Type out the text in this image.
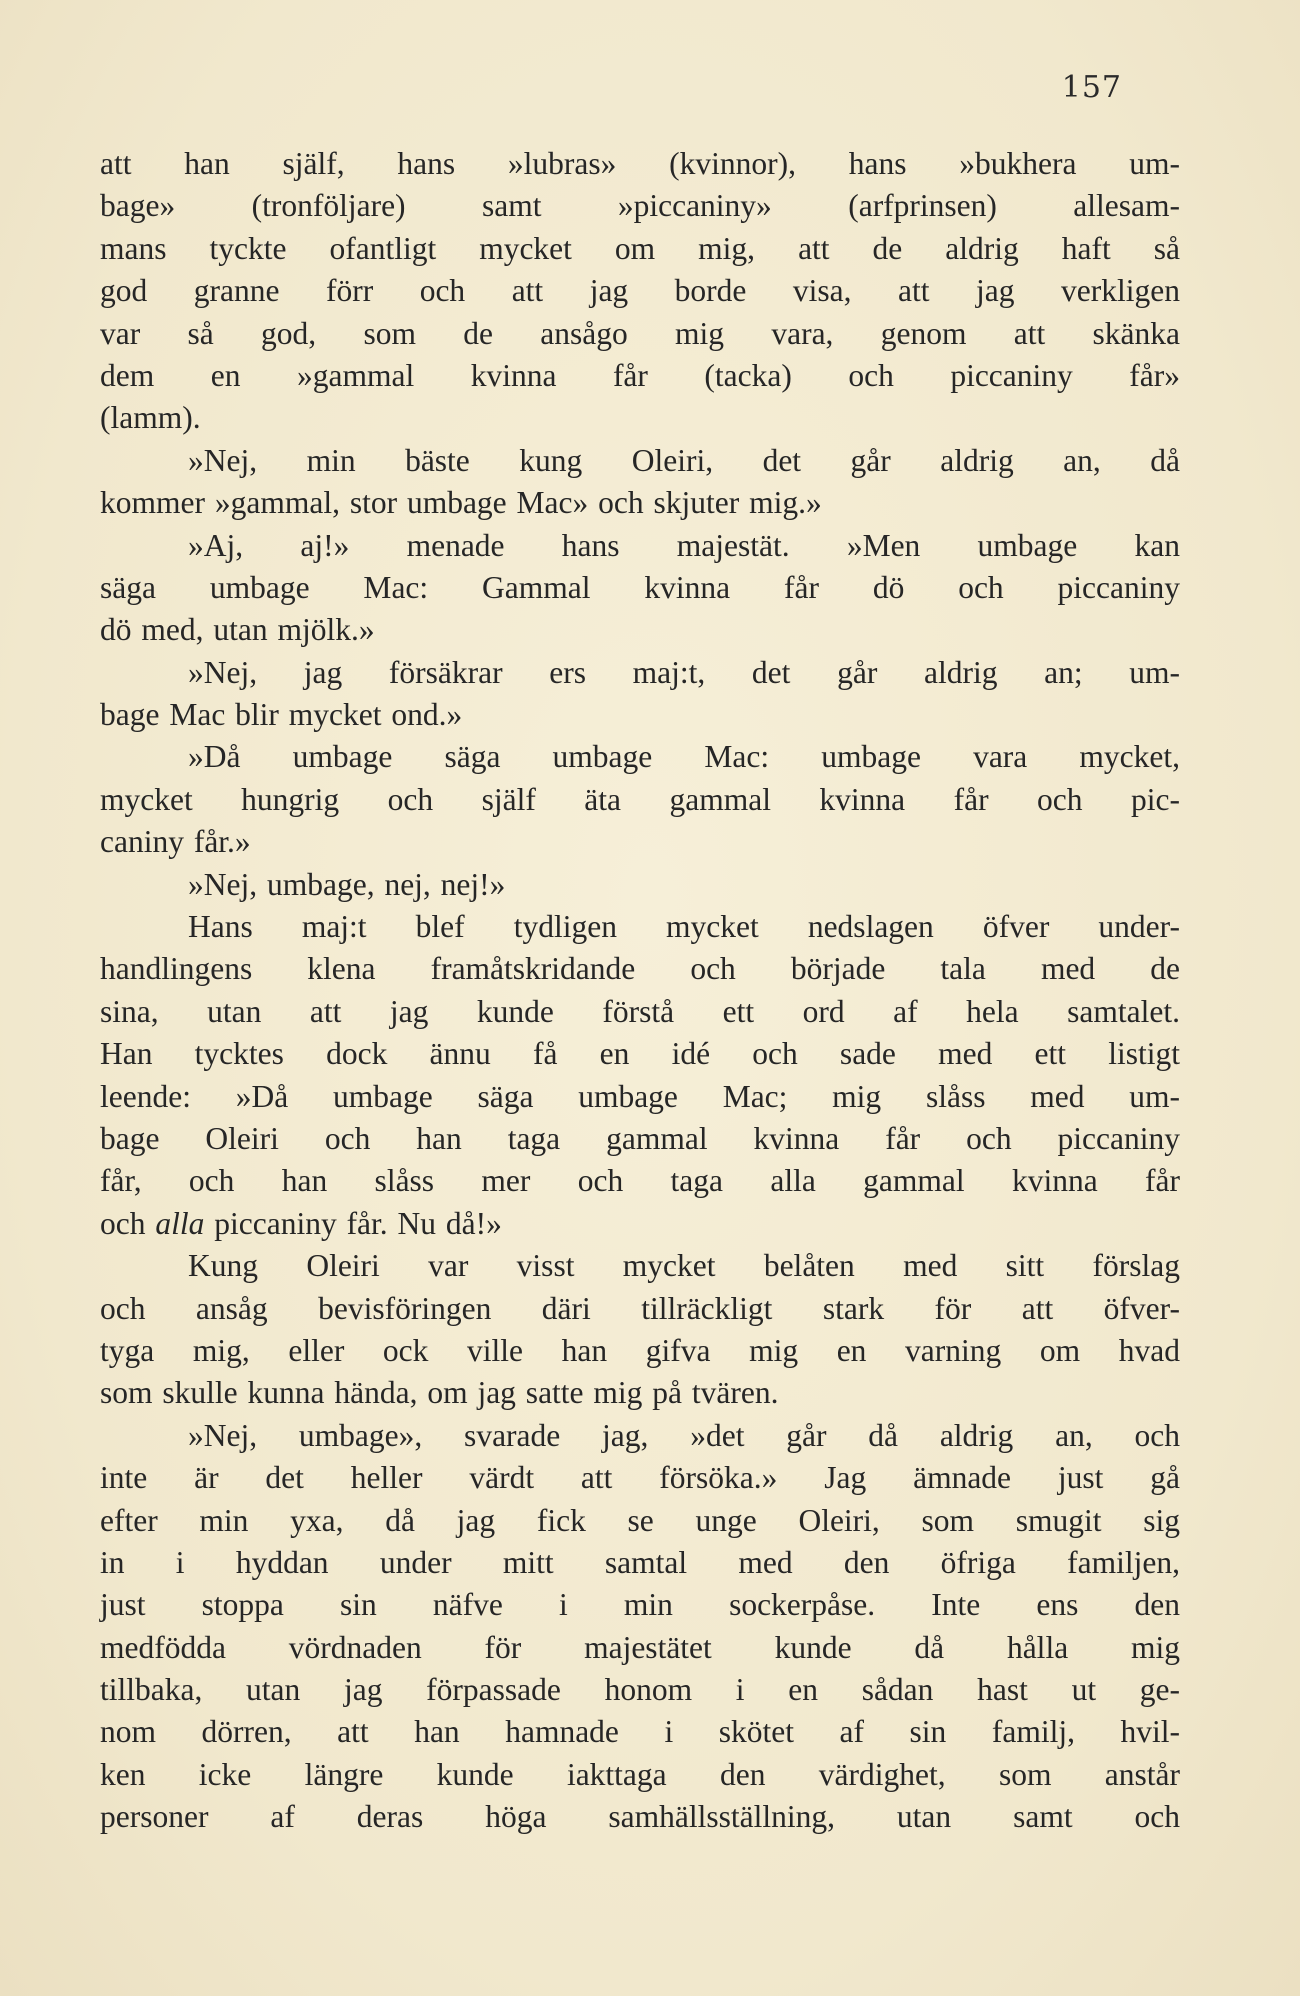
157
att han själf, hans »lubras» (kvinnor), hans »bukhera um-
bage» (tronföljare) samt »piccaniny» (arfprinsen) allesam-
mans tyckte ofantligt mycket om mig, att de aldrig haft så
god granne förr och att jag borde visa, att jag verkligen
var så god, som de ansågo mig vara, genom att skänka
dem en »gammal kvinna får (tacka) och piccaniny får»
(lamm).
»Nej, min bäste kung Oleiri, det går aldrig an, då
kommer »gammal, stor umbage Mac» och skjuter mig.»
»Aj, aj!» menade hans majestät. »Men umbage kan
säga umbage Mac: Gammal kvinna får dö och piccaniny
dö med, utan mjölk.»
»Nej, jag försäkrar ers maj:t, det går aldrig an; um-
bage Mac blir mycket ond.»
»Då umbage säga umbage Mac: umbage vara mycket,
mycket hungrig och själf äta gammal kvinna får och pic-
caniny får.»
»Nej, umbage, nej, nej!»
Hans maj:t blef tydligen mycket nedslagen öfver under-
handlingens klena framåtskridande och började tala med de
sina, utan att jag kunde förstå ett ord af hela samtalet.
Han tycktes dock ännu få en idé och sade med ett listigt
leende: »Då umbage säga umbage Mac; mig slåss med um-
bage Oleiri och han taga gammal kvinna får och piccaniny
får, och han slåss mer och taga alla gammal kvinna får
och alla piccaniny får. Nu då!»
Kung Oleiri var visst mycket belåten med sitt förslag
och ansåg bevisföringen däri tillräckligt stark för att öfver-
tyga mig, eller ock ville han gifva mig en varning om hvad
som skulle kunna hända, om jag satte mig på tvären.
»Nej, umbage», svarade jag, »det går då aldrig an, och
inte är det heller värdt att försöka.» Jag ämnade just gå
efter min yxa, då jag fick se unge Oleiri, som smugit sig
in i hyddan under mitt samtal med den öfriga familjen,
just stoppa sin näfve i min sockerpåse. Inte ens den
medfödda vördnaden för majestätet kunde då hålla mig
tillbaka, utan jag förpassade honom i en sådan hast ut ge-
nom dörren, att han hamnade i skötet af sin familj, hvil-
ken icke längre kunde iakttaga den värdighet, som anstår
personer af deras höga samhällsställning, utan samt och
